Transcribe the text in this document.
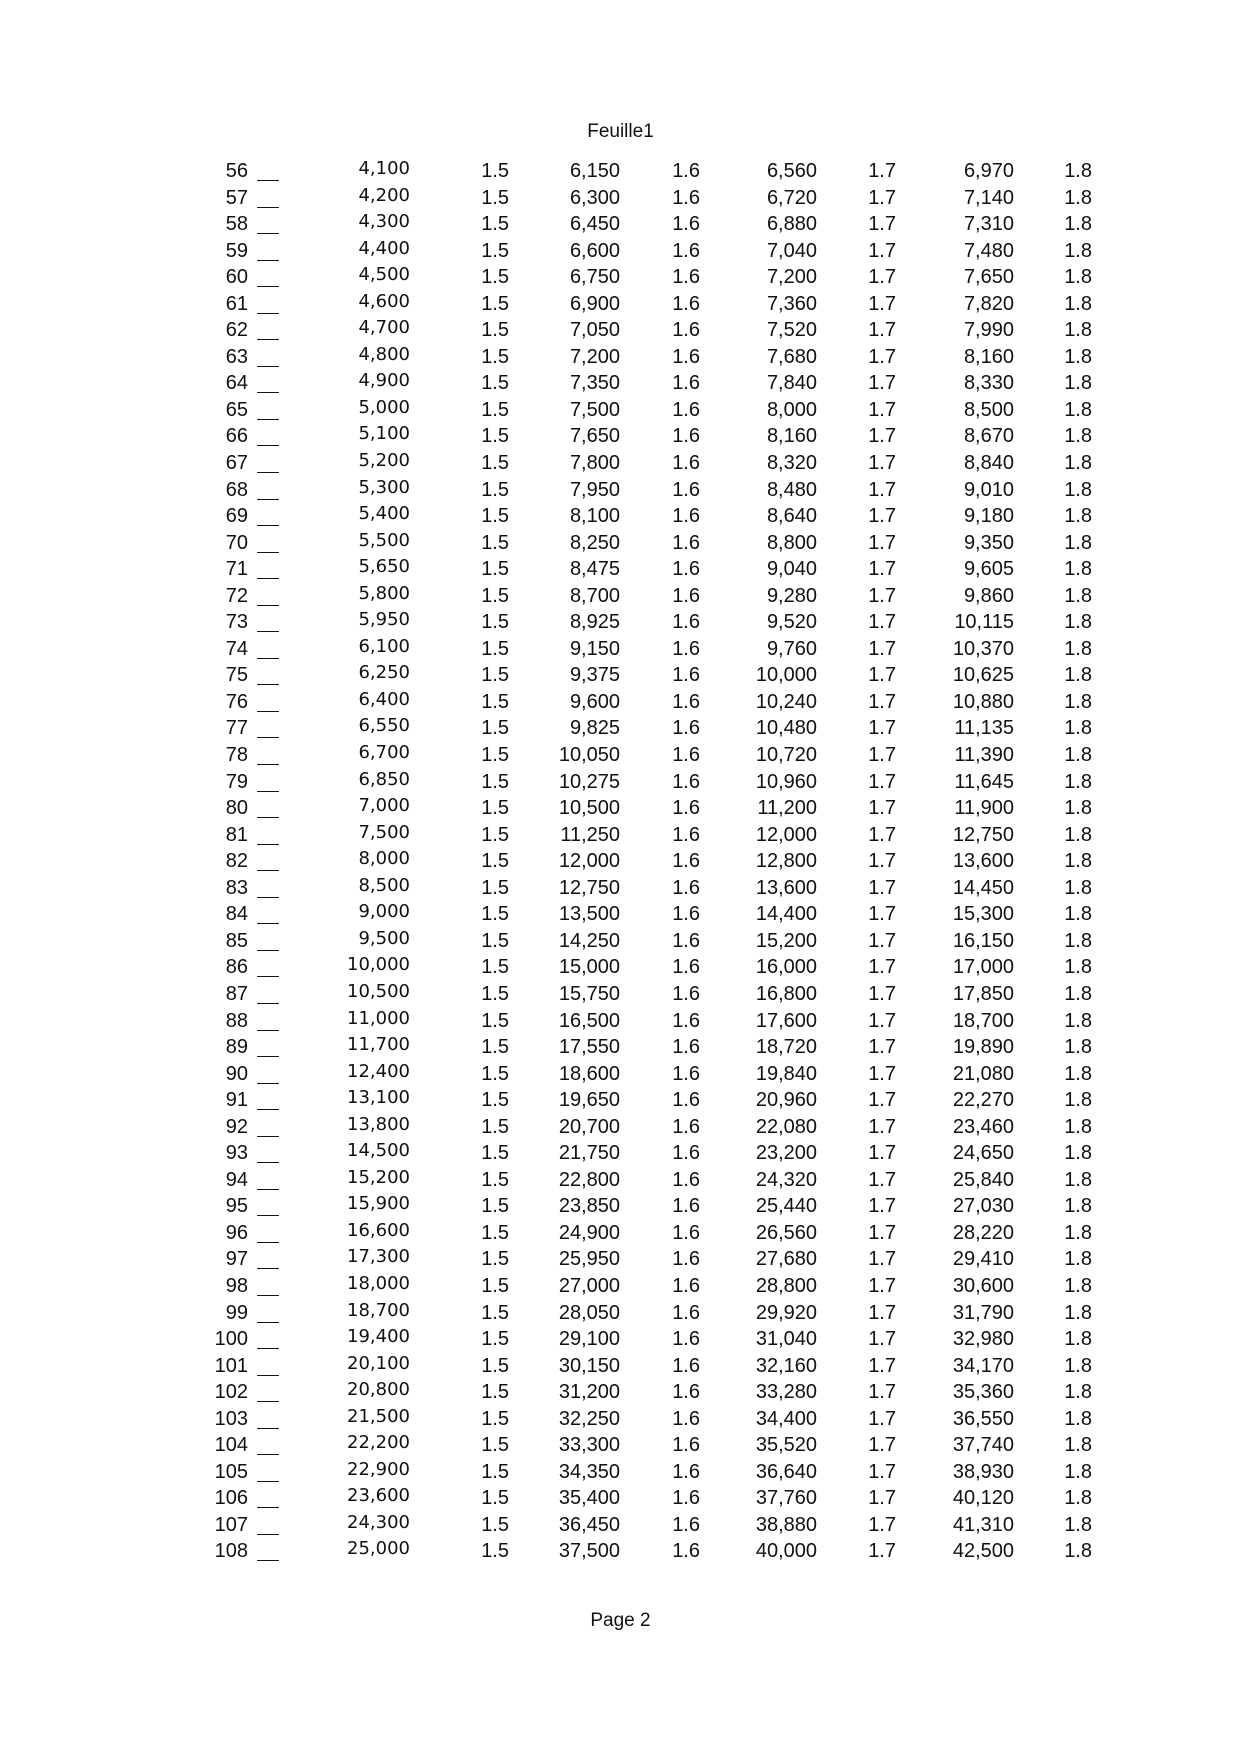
Feuille1
56	4,100	1.5	6,150	1.6	6,560	1.7	6,970	1.8
57	4,200	1.5	6,300	1.6	6,720	1.7	7,140	1.8
58	4,300	1.5	6,450	1.6	6,880	1.7	7,310	1.8
59	4,400	1.5	6,600	1.6	7,040	1.7	7,480	1.8
60	4,500	1.5	6,750	1.6	7,200	1.7	7,650	1.8
61	4,600	1.5	6,900	1.6	7,360	1.7	7,820	1.8
62	4,700	1.5	7,050	1.6	7,520	1.7	7,990	1.8
63	4,800	1.5	7,200	1.6	7,680	1.7	8,160	1.8
64	4,900	1.5	7,350	1.6	7,840	1.7	8,330	1.8
65	5,000	1.5	7,500	1.6	8,000	1.7	8,500	1.8
66	5,100	1.5	7,650	1.6	8,160	1.7	8,670	1.8
67	5,200	1.5	7,800	1.6	8,320	1.7	8,840	1.8
68	5,300	1.5	7,950	1.6	8,480	1.7	9,010	1.8
69	5,400	1.5	8,100	1.6	8,640	1.7	9,180	1.8
70	5,500	1.5	8,250	1.6	8,800	1.7	9,350	1.8
71	5,650	1.5	8,475	1.6	9,040	1.7	9,605	1.8
72	5,800	1.5	8,700	1.6	9,280	1.7	9,860	1.8
73	5,950	1.5	8,925	1.6	9,520	1.7	10,115	1.8
74	6,100	1.5	9,150	1.6	9,760	1.7	10,370	1.8
75	6,250	1.5	9,375	1.6	10,000	1.7	10,625	1.8
76	6,400	1.5	9,600	1.6	10,240	1.7	10,880	1.8
77	6,550	1.5	9,825	1.6	10,480	1.7	11,135	1.8
78	6,700	1.5 10,050	1.6	10,720	1.7	11,390	1.8
79	6,850	1.5 10,275	1.6	10,960	1.7	11,645	1.8
80	7,000	1.5 10,500	1.6	11,200	1.7	11,900	1.8
81	7,500	1.5	11,250	1.6	12,000	1.7	12,750	1.8
82	8,000	1.5 12,000	1.6	12,800	1.7	13,600	1.8
83	8,500	1.5 12,750	1.6	13,600	1.7	14,450	1.8
84	9,000	1.5 13,500	1.6	14,400	1.7	15,300	1.8
85	9,500	1.5 14,250	1.6	15,200	1.7	16,150	1.8
86	10,000	1.5 15,000	1.6	16,000	1.7	17,000	1.8
87	10,500	1.5 15,750	1.6	16,800	1.7	17,850	1.8
88	11,000	1.5 16,500	1.6	17,600	1.7	18,700	1.8
89	11,700	1.5 17,550	1.6	18,720	1.7	19,890	1.8
90	12,400	1.5 18,600	1.6	19,840	1.7	21,080	1.8
91	13,100	1.5 19,650	1.6	20,960	1.7	22,270	1.8
92	13,800	1.5 20,700	1.6	22,080	1.7	23,460	1.8
93	14,500	1.5 21,750	1.6	23,200	1.7	24,650	1.8
94	15,200	1.5 22,800	1.6	24,320	1.7	25,840	1.8
95	15,900	1.5 23,850	1.6	25,440	1.7	27,030	1.8
96	16,600	1.5 24,900	1.6	26,560	1.7	28,220	1.8
97	17,300	1.5 25,950	1.6	27,680	1.7	29,410	1.8
98	18,000	1.5 27,000	1.6	28,800	1.7	30,600	1.8
99	18,700	1.5 28,050	1.6	29,920	1.7	31,790	1.8
100	19,400	1.5 29,100	1.6	31,040	1.7	32,980	1.8
101	20,100	1.5 30,150	1.6	32,160	1.7	34,170	1.8
102	20,800	1.5 31,200	1.6	33,280	1.7	35,360	1.8
103	21,500	1.5 32,250	1.6	34,400	1.7	36,550	1.8
104	22,200	1.5 33,300	1.6	35,520	1.7	37,740	1.8
105	22,900	1.5 34,350	1.6	36,640	1.7	38,930	1.8
106	23,600	1.5 35,400	1.6	37,760	1.7	40,120	1.8
107	24,300	1.5 36,450	1.6	38,880	1.7	41,310	1.8
108	25,000	1.5 37,500	1.6	40,000	1.7	42,500	1.8
Page 2
